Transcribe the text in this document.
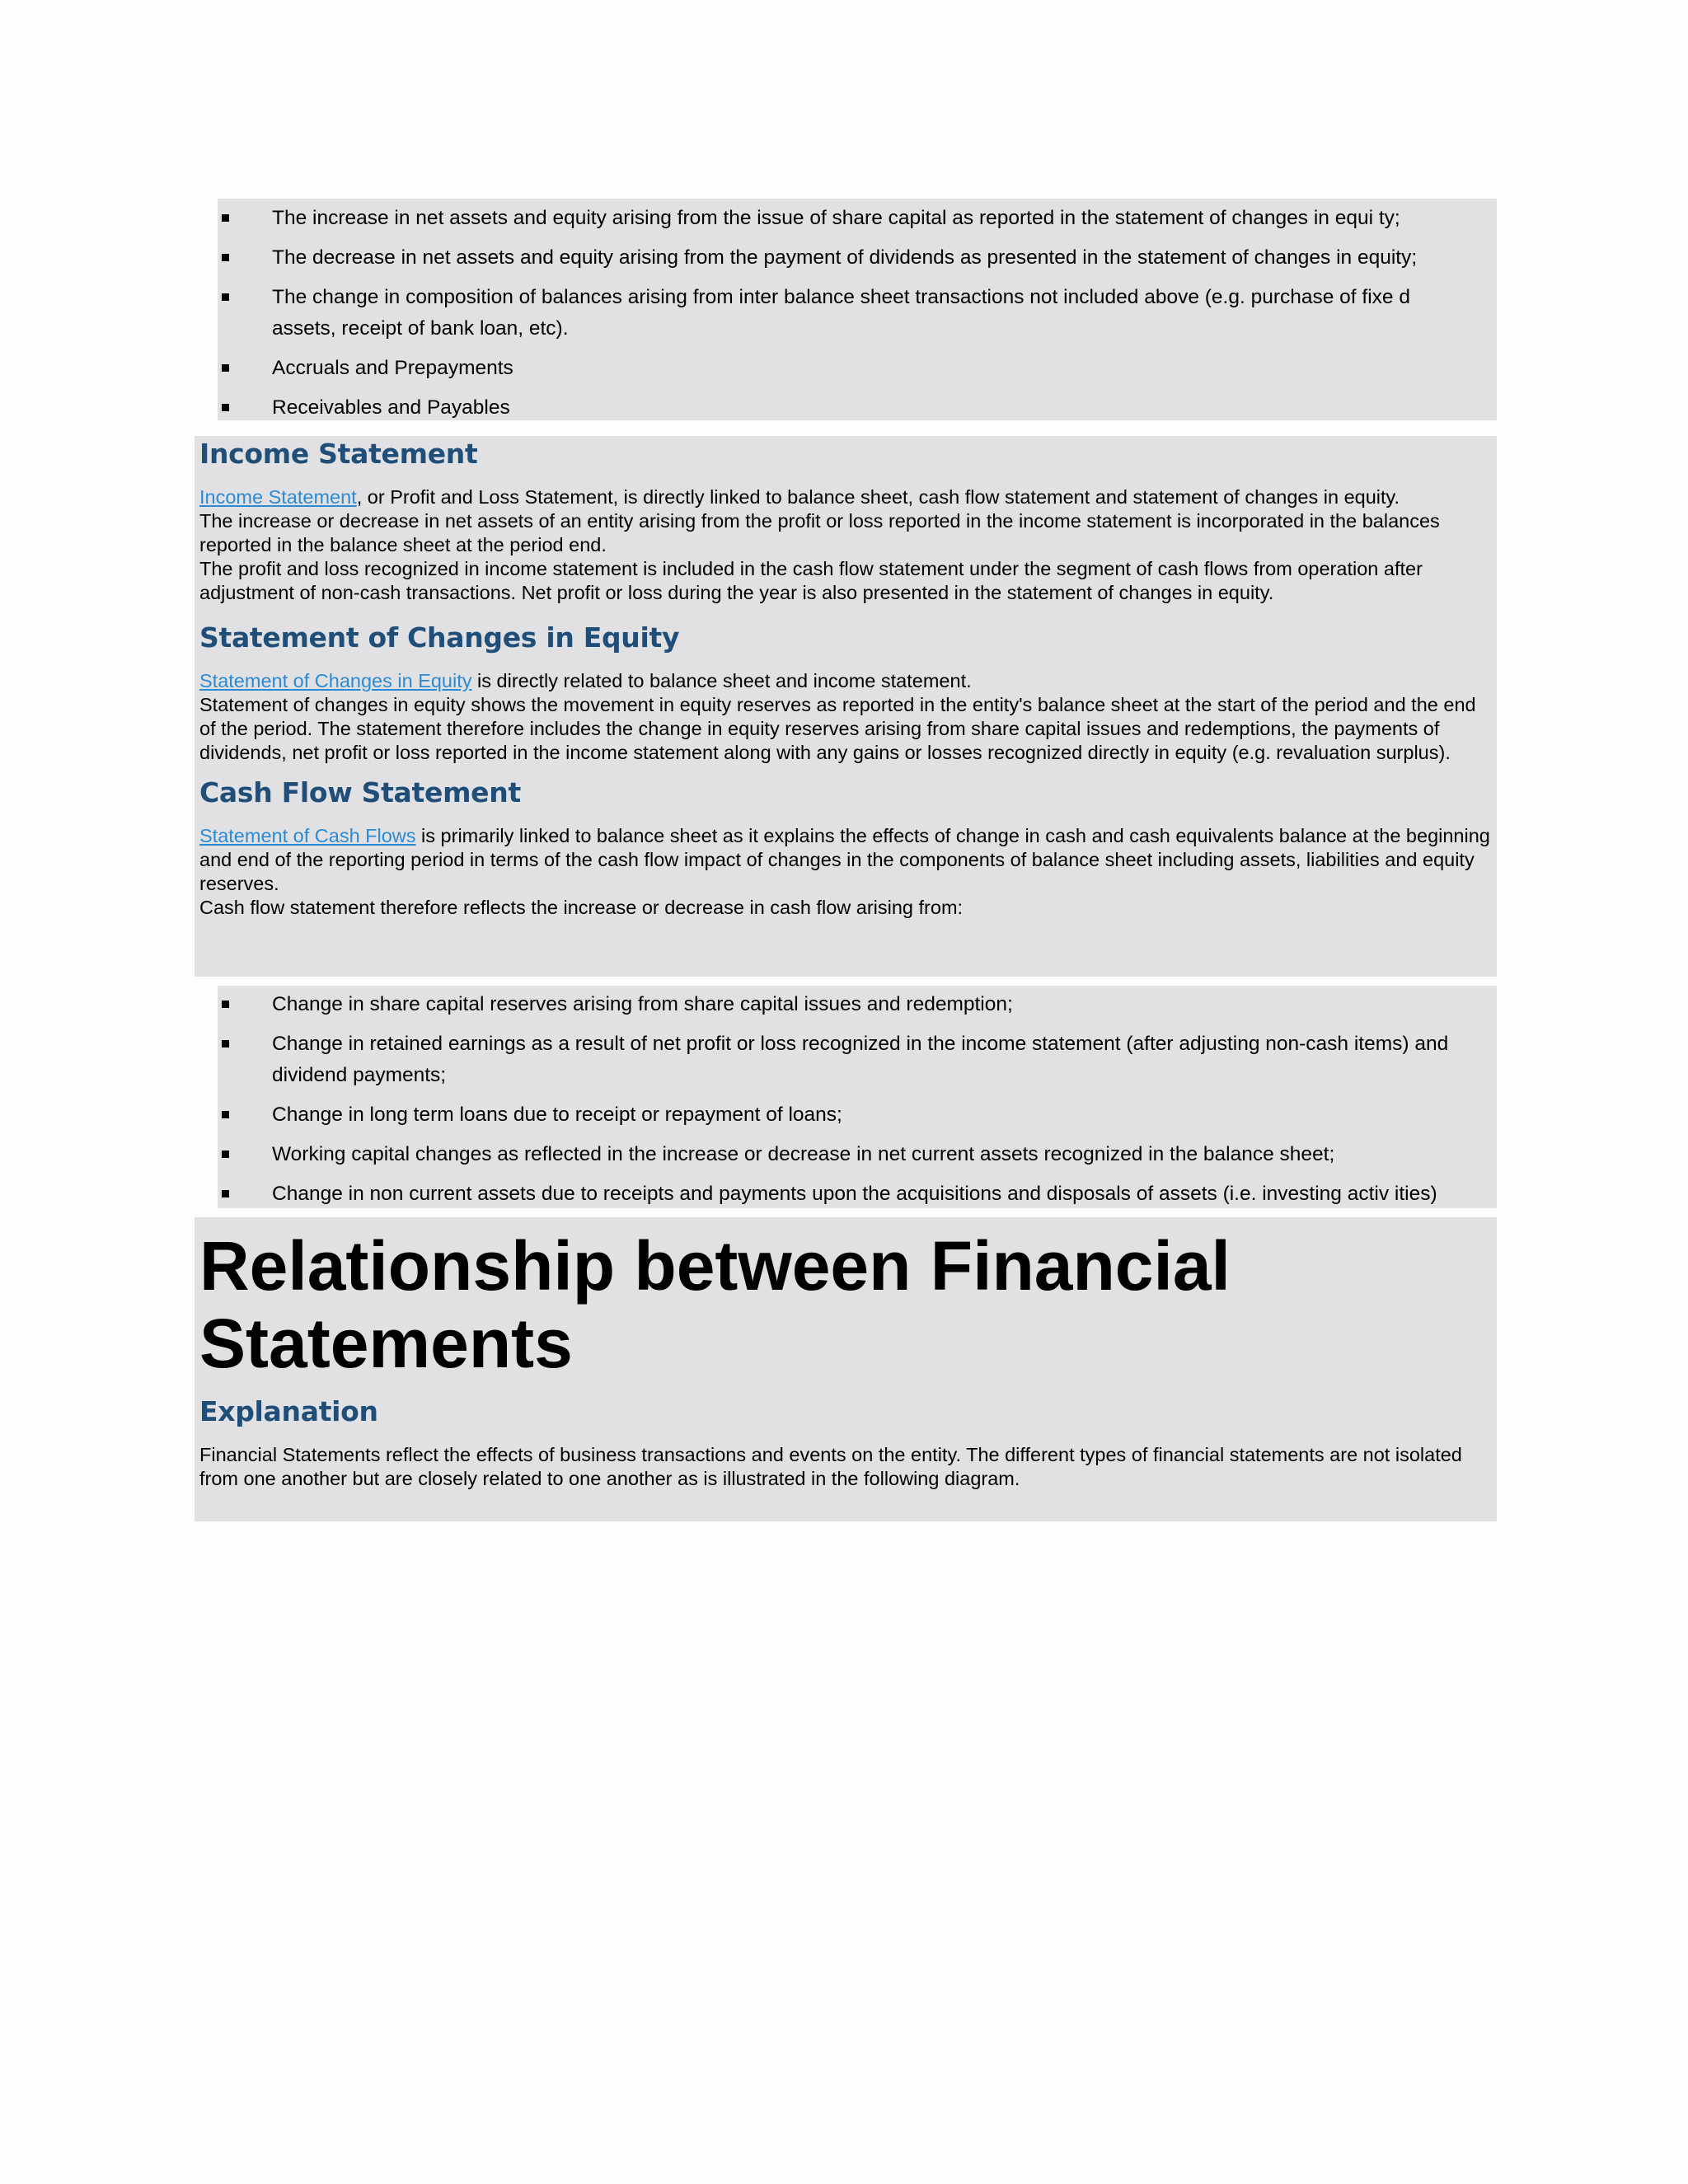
The increase in net assets and equity arising from the issue of share capital as reported in the statement of changes in equi ty;
The decrease in net assets and equity arising from the payment of dividends as presented in the statement of changes in equity;
The change in composition of balances arising from inter balance sheet transactions not included above (e.g. purchase of fixe d assets, receipt of bank loan, etc).
Accruals and Prepayments
Receivables and Payables
Income Statement

Income Statement, or Profit and Loss Statement, is directly linked to balance sheet, cash flow statement and statement of changes in equity.

The increase or decrease in net assets of an entity arising from the profit or loss reported in the income statement is incorporated in the balances reported in the balance sheet at the period end.

The profit and loss recognized in income statement is included in the cash flow statement under the segment of cash flows from operation after adjustment of non-cash transactions. Net profit or loss during the year is also presented in the statement of changes in equity.

Statement of Changes in Equity

Statement of Changes in Equity is directly related to balance sheet and income statement.

Statement of changes in equity shows the movement in equity reserves as reported in the entity's balance sheet at the start of the period and the end of the period. The statement therefore includes the change in equity reserves arising from share capital issues and redemptions, the payments of dividends, net profit or loss reported in the income statement along with any gains or losses recognized directly in equity (e.g. revaluation surplus).

Cash Flow Statement

Statement of Cash Flows is primarily linked to balance sheet as it explains the effects of change in cash and cash equivalents balance at the beginning and end of the reporting period in terms of the cash flow impact of changes in the components of balance sheet including assets, liabilities and equity reserves.

Cash flow statement therefore reflects the increase or decrease in cash flow arising from:

Change in share capital reserves arising from share capital issues and redemption;
Change in retained earnings as a result of net profit or loss recognized in the income statement (after adjusting non-cash items) and dividend payments;
Change in long term loans due to receipt or repayment of loans;
Working capital changes as reflected in the increase or decrease in net current assets recognized in the balance sheet;
Change in non current assets due to receipts and payments upon the acquisitions and disposals of assets (i.e. investing activ ities)
Relationship between Financial Statements
Explanation

Financial Statements reflect the effects of business transactions and events on the entity. The different types of financial statements are not isolated from one another but are closely related to one another as is illustrated in the following diagram.
